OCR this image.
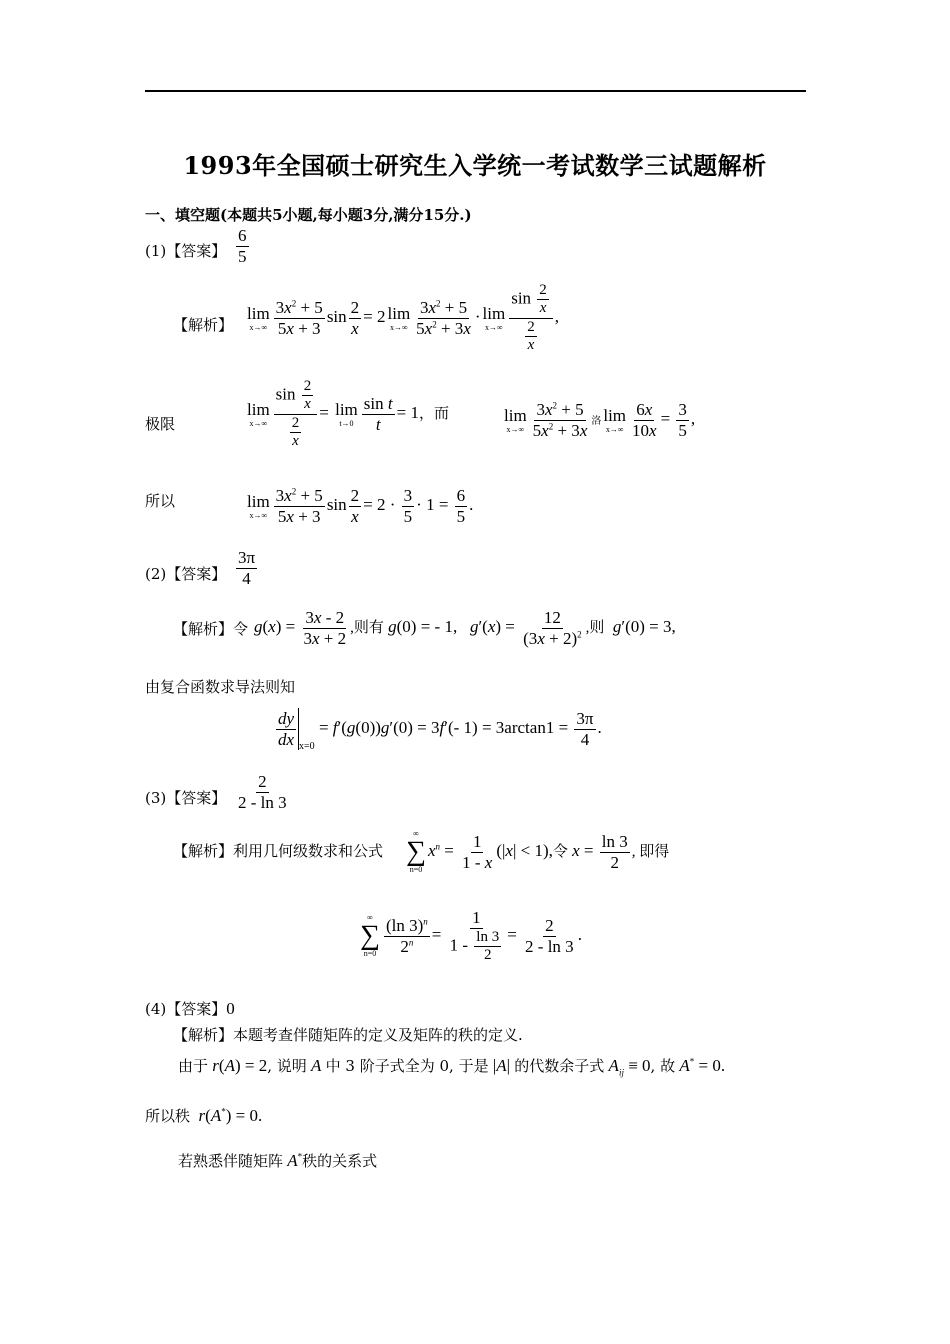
1993年全国硕士研究生入学统一考试数学三试题解析
一、填空题(本题共5小题,每小题3分,满分15分.)
(1)【答案】 $\frac{6}{5}$
【解析】
lim
$x\to\infty \frac{3x^2 + 5}{5x + 3}$ $\sin \frac{2}{x} = 2$ lim
$x\to\infty \frac{3x^2 + 5}{5x^2 + 3x} \cdot \lim$
$x\to\infty \frac{\sin \frac{2}{x}}{\frac{2}{x}}$ ,
极限
lim
$x\to\infty \frac{\sin \frac{2}{x}}{\frac{2}{x}} = \lim$
$t\to 0 \frac{\text{sin t}}{t} = 1$，而	lim
$x\to\infty \frac{3x^2 + 5}{5x^2 + 3x}$ 洛 lim
$x\to\infty \frac{6x}{10x} = \frac{3}{5}$ ,
所以	lim
$x\to\infty \frac{3x^2 + 5}{5x + 3}$ $\sin \frac{2}{x} = 2 \cdot \frac{3}{5} \cdot 1 = \frac{6}{5}$ .
(2)【答案】 $\frac{3\pi}{4}$
【解析】令 $g(x) = \frac{3x - 2}{3x + 2}$ ,则有 g(0) = - 1,   $g'(x) = \frac{12}{(3x + 2)^2}$ ,则 g′(0) = 3,
由复合函数求导法则知
$\frac{dy}{dx} _{x=0} = f'(g(0))g'(0) = 3f'(-$ $1) = 3\arctan 1 = \frac{3\pi}{4}$ .
(3)【答案】 $\frac{2}{2 - \ln 3}$
【解析】利用几何级数求和公式
∞
∑
n=0
$x^n = \frac{1}{1 - x} (|x| < 1)$,令 $x = \frac{\ln 3}{2}$ , 即得
∞
∑
$n=0 \frac{(\ln 3)^n}{2^n} = \frac{1}{1 - \frac{\ln 3}{2}} = \frac{2}{2 - \ln 3}$ .
(4)【答案】0
【解析】本题考查伴随矩阵的定义及矩阵的秩的定义.
由于 r(A) = 2, 说明 A 中 3 阶子式全为 0, 于是 |A| 的代数余子式 $A_{ij} \equiv 0$, 故 A* = 0.
所以秩 r(A*) = 0.
若熟悉伴随矩阵 A*秩的关系式
